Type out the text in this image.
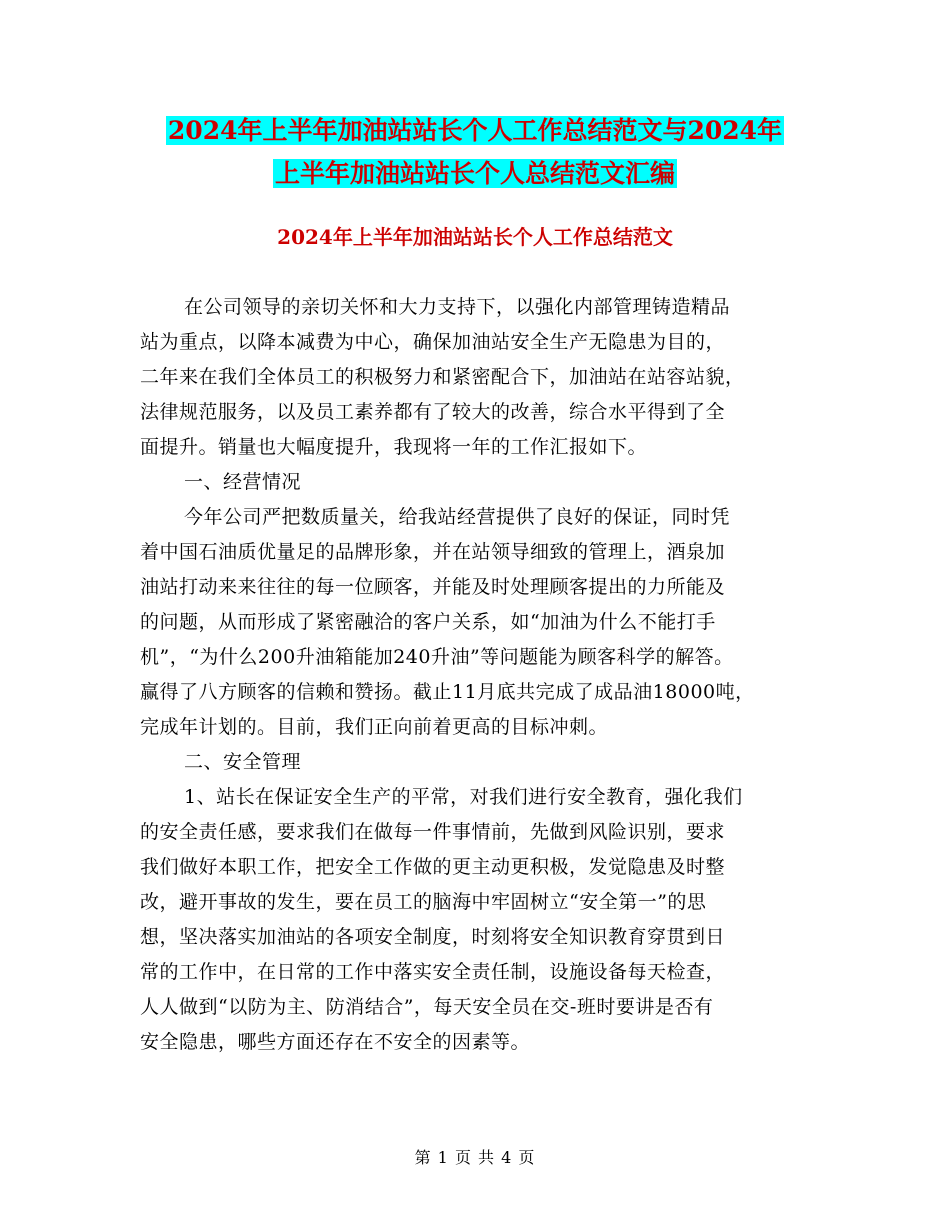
2024年上半年加油站站长个人工作总结范文与2024年
上半年加油站站长个人总结范文汇编
2024年上半年加油站站长个人工作总结范文

在公司领导的亲切关怀和大力支持下，以强化内部管理铸造精品

站为重点，以降本减费为中心，确保加油站安全生产无隐患为目的，

二年来在我们全体员工的积极努力和紧密配合下，加油站在站容站貌，

法律规范服务，以及员工素养都有了较大的改善，综合水平得到了全

面提升。销量也大幅度提升，我现将一年的工作汇报如下。

一、经营情况

今年公司严把数质量关，给我站经营提供了良好的保证，同时凭

着中国石油质优量足的品牌形象，并在站领导细致的管理上，酒泉加

油站打动来来往往的每一位顾客，并能及时处理顾客提出的力所能及

的问题，从而形成了紧密融洽的客户关系，如“加油为什么不能打手

机”，“为什么200升油箱能加240升油”等问题能为顾客科学的解答。

赢得了八方顾客的信赖和赞扬。截止11月底共完成了成品油18000吨，

完成年计划的。目前，我们正向前着更高的目标冲刺。

二、安全管理

1、站长在保证安全生产的平常，对我们进行安全教育，强化我们

的安全责任感，要求我们在做每一件事情前，先做到风险识别，要求

我们做好本职工作，把安全工作做的更主动更积极，发觉隐患及时整

改，避开事故的发生，要在员工的脑海中牢固树立“安全第一”的思

想，坚决落实加油站的各项安全制度，时刻将安全知识教育穿贯到日

常的工作中，在日常的工作中落实安全责任制，设施设备每天检查，

人人做到“以防为主、防消结合”，每天安全员在交-班时要讲是否有

安全隐患，哪些方面还存在不安全的因素等。

第 1 页 共 4 页
